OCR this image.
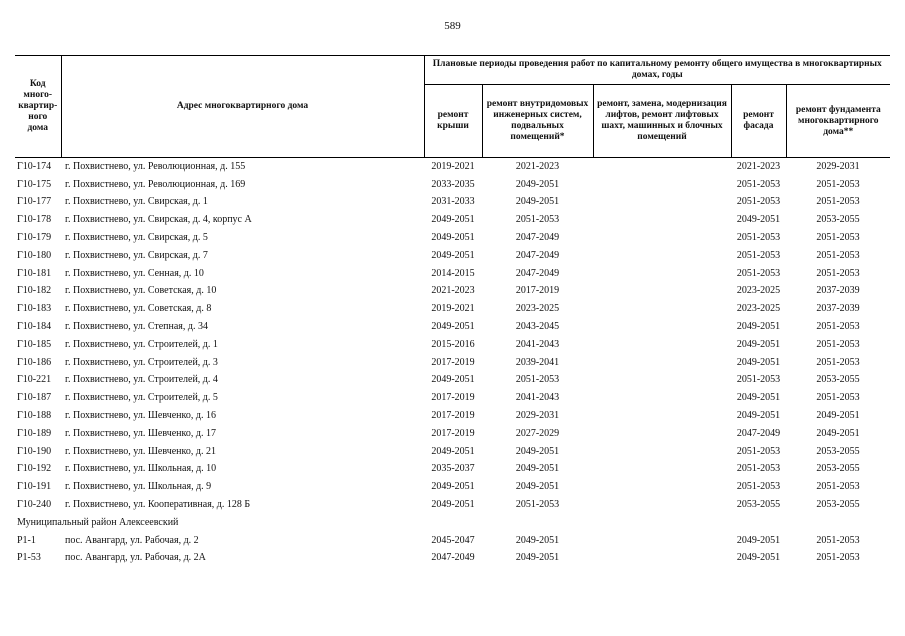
589
Код
много-
квартир-
ного
дома	Адрес многоквартирного дома	Плановые периоды проведения работ по капитальному ремонту общего имущества в многоквартирных домах, годы				
		ремонт крыши	ремонт внутридомовых инженерных систем, подвальных помещений*	ремонт, замена, модернизация лифтов, ремонт лифтовых шахт, машинных и блочных помещений	ремонт фасада	ремонт фундамента многоквартирного дома**
Г10-174	г. Похвистнево, ул. Революционная, д. 155	2019-2021	2021-2023		2021-2023	2029-2031
Г10-175	г. Похвистнево, ул. Революционная, д. 169	2033-2035	2049-2051		2051-2053	2051-2053
Г10-177	г. Похвистнево, ул. Свирская, д. 1	2031-2033	2049-2051		2051-2053	2051-2053
Г10-178	г. Похвистнево, ул. Свирская, д. 4, корпус А	2049-2051	2051-2053		2049-2051	2053-2055
Г10-179	г. Похвистнево, ул. Свирская, д. 5	2049-2051	2047-2049		2051-2053	2051-2053
Г10-180	г. Похвистнево, ул. Свирская, д. 7	2049-2051	2047-2049		2051-2053	2051-2053
Г10-181	г. Похвистнево, ул. Сенная, д. 10	2014-2015	2047-2049		2051-2053	2051-2053
Г10-182	г. Похвистнево, ул. Советская, д. 10	2021-2023	2017-2019		2023-2025	2037-2039
Г10-183	г. Похвистнево, ул. Советская, д. 8	2019-2021	2023-2025		2023-2025	2037-2039
Г10-184	г. Похвистнево, ул. Степная, д. 34	2049-2051	2043-2045		2049-2051	2051-2053
Г10-185	г. Похвистнево, ул. Строителей, д. 1	2015-2016	2041-2043		2049-2051	2051-2053
Г10-186	г. Похвистнево, ул. Строителей, д. 3	2017-2019	2039-2041		2049-2051	2051-2053
Г10-221	г. Похвистнево, ул. Строителей, д. 4	2049-2051	2051-2053		2051-2053	2053-2055
Г10-187	г. Похвистнево, ул. Строителей, д. 5	2017-2019	2041-2043		2049-2051	2051-2053
Г10-188	г. Похвистнево, ул. Шевченко, д. 16	2017-2019	2029-2031		2049-2051	2049-2051
Г10-189	г. Похвистнево, ул. Шевченко, д. 17	2017-2019	2027-2029		2047-2049	2049-2051
Г10-190	г. Похвистнево, ул. Шевченко, д. 21	2049-2051	2049-2051		2051-2053	2053-2055
Г10-192	г. Похвистнево, ул. Школьная, д. 10	2035-2037	2049-2051		2051-2053	2053-2055
Г10-191	г. Похвистнево, ул. Школьная, д. 9	2049-2051	2049-2051		2051-2053	2051-2053
Г10-240	г. Похвистнево, ул. Кооперативная, д. 128 Б	2049-2051	2051-2053		2053-2055	2053-2055
Муниципальный район Алексеевский						
Р1-1	пос. Авангард, ул. Рабочая, д. 2	2045-2047	2049-2051		2049-2051	2051-2053
Р1-53	пос. Авангард, ул. Рабочая, д. 2А	2047-2049	2049-2051		2049-2051	2051-2053
